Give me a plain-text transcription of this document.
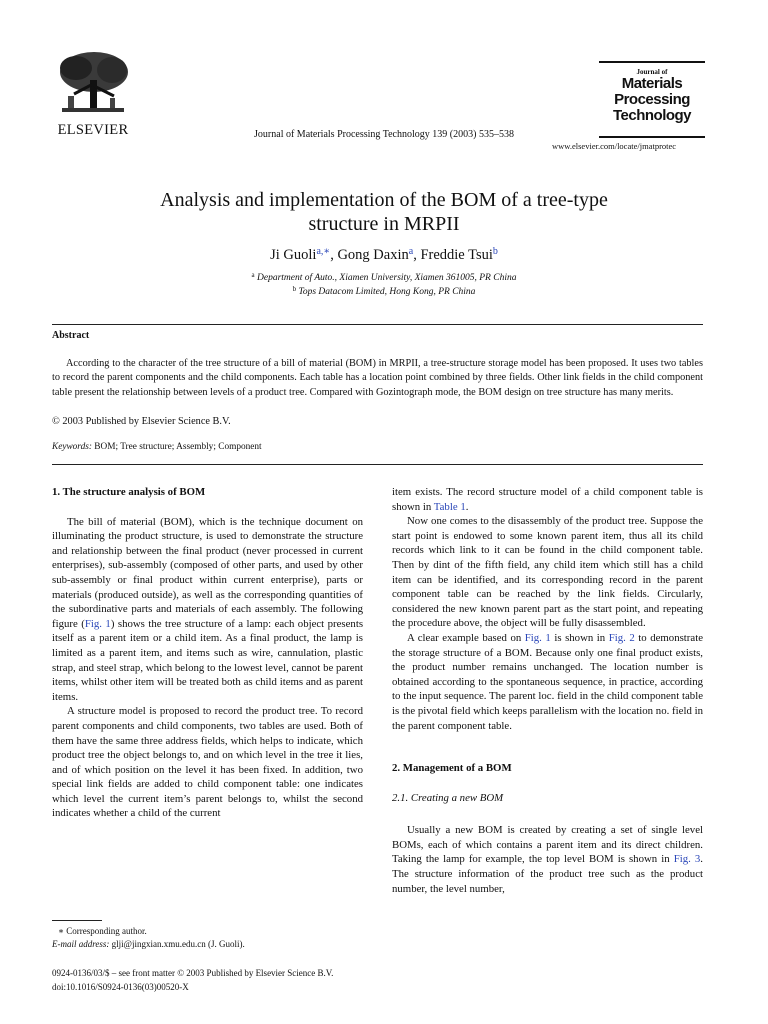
ELSEVIER	Journal of Materials Processing Technology 139 (2003) 535–538
Journal of
Materials
Processing
Technology
www.elsevier.com/locate/jmatprotec
Analysis and implementation of the BOM of a tree-type
structure in MRPII
Ji Guoli$^{a,∗}$, Gong Daxin$^a$, Freddie Tsui$^b$
$^a$ Department of Auto., Xiamen University, Xiamen 361005, PR China
$^b$ Tops Datacom Limited, Hong Kong, PR China
Abstract
According to the character of the tree structure of a bill of material (BOM) in MRPII, a tree-structure storage model has been proposed. It uses two tables to record the parent components and the child components. Each table has a location point combined by three fields. Other link fields in the child component table present the relationship between levels of a product tree. Compared with Gozintograph mode, the BOM design on tree structure has many merits.
© 2003 Published by Elsevier Science B.V.
Keywords: BOM; Tree structure; Assembly; Component
1. The structure analysis of BOM

The bill of material (BOM), which is the technique document on illuminating the product structure, is used to demonstrate the structure and relationship between the final product (never processed in current enterprises), sub-assembly (composed of other parts, and used by other sub-assembly or final product within current enterprise), parts or materials (produced outside), as well as the corresponding quantities of the subordinative parts and materials of each assembly. The following figure (Fig. 1) shows the tree structure of a lamp: each object presents itself as a parent item or a child item. As a final product, the lamp is limited as a parent item, and items such as wire, cannulation, plastic strap, and steel strap, which belong to the lowest level, cannot be parent items, whilst other item will be treated both as child items and as parent items.

A structure model is proposed to record the product tree. To record parent components and child components, two tables are used. Both of them have the same three address fields, which helps to indicate, which product tree the object belongs to, and on which level in the tree it lies, and of which position on the level it has been fixed. In addition, two special link fields are added to child component table: one indicates which level the current item’s parent belongs to, whilst the second indicates whether a child of the current

item exists. The record structure model of a child component table is shown in Table 1.

Now one comes to the disassembly of the product tree. Suppose the start point is endowed to some known parent item, thus all its child records which link to it can be found in the child component table. Then by dint of the fifth field, any child item which still has a child item can be identified, and its corresponding record in the parent component table can be reached by the link fields. Circularly, considered the new known parent part as the start point, and repeating the procedure above, the object will be fully disassembled.

A clear example based on Fig. 1 is shown in Fig. 2 to demonstrate the storage structure of a BOM. Because only one final product exists, the product number remains unchanged. The location number is obtained according to the spontaneous sequence, in practice, according to the input sequence. The parent loc. field in the child component table is the pivotal field which keeps parallelism with the location no. field in the parent component table.

2. Management of a BOM
2.1. Creating a new BOM

Usually a new BOM is created by creating a set of single level BOMs, each of which contains a parent item and its direct children. Taking the lamp for example, the top level BOM is shown in Fig. 3. The structure information of the product tree such as the product number, the level number,

∗ Corresponding author.
E-mail address: glji@jingxian.xmu.edu.cn (J. Guoli).
0924-0136/03/$ – see front matter © 2003 Published by Elsevier Science B.V.
doi:10.1016/S0924-0136(03)00520-X
